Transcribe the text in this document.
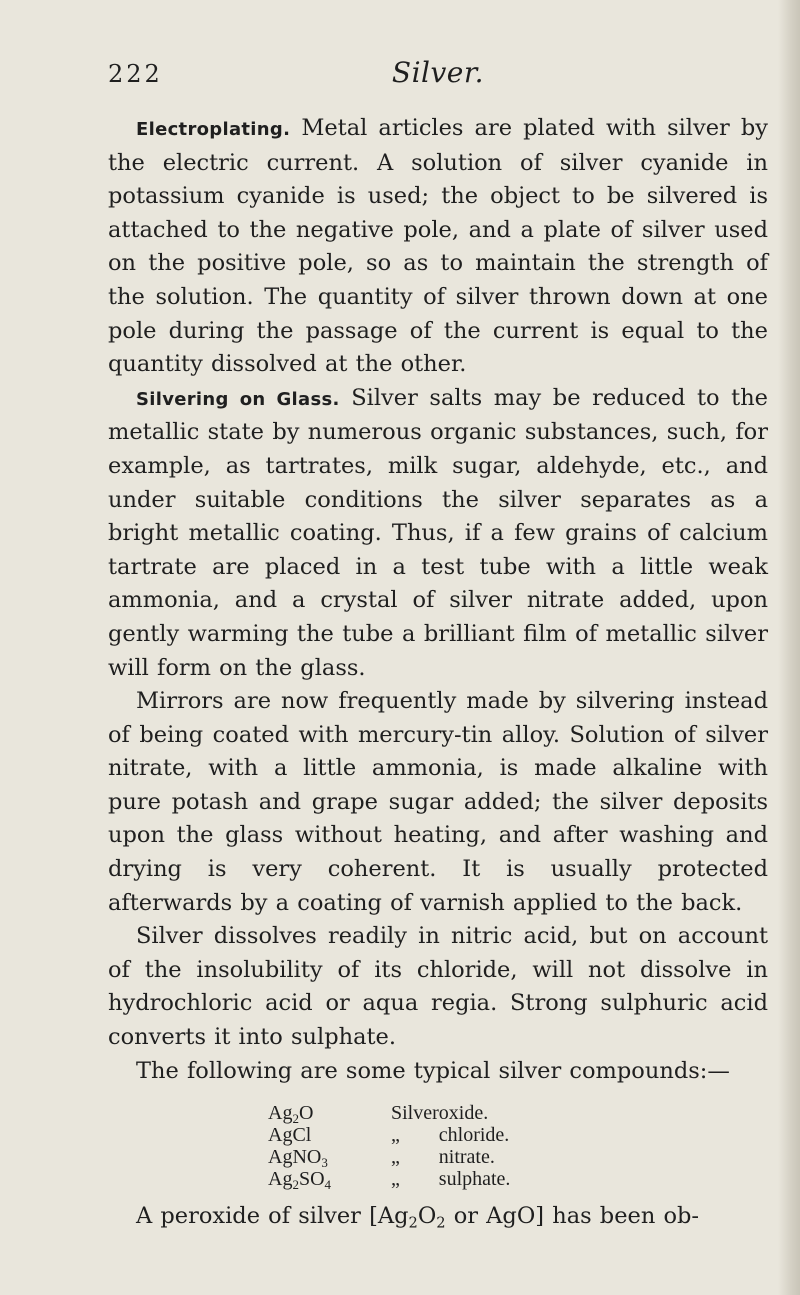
222	Silver.

Electroplating. Metal articles are plated with silver by the electric current. A solution of silver cyanide in potassium cyanide is used; the object to be silvered is attached to the negative pole, and a plate of silver used on the positive pole, so as to maintain the strength of the solution. The quantity of silver thrown down at one pole during the passage of the current is equal to the quantity dissolved at the other.

Silvering on Glass. Silver salts may be reduced to the metallic state by numerous organic substances, such, for example, as tartrates, milk sugar, aldehyde, etc., and under suitable conditions the silver separates as a bright metallic coating. Thus, if a few grains of calcium tartrate are placed in a test tube with a little weak ammonia, and a crystal of silver nitrate added, upon gently warming the tube a brilliant film of metallic silver will form on the glass.

Mirrors are now frequently made by silvering instead of being coated with mercury-tin alloy. Solution of silver nitrate, with a little ammonia, is made alkaline with pure potash and grape sugar added; the silver deposits upon the glass without heating, and after washing and drying is very coherent. It is usually protected afterwards by a coating of varnish applied to the back.

Silver dissolves readily in nitric acid, but on account of the insolubility of its chloride, will not dissolve in hydrochloric acid or aqua regia. Strong sulphuric acid converts it into sulphate.

The following are some typical silver compounds:—

$Ag_2O$	Silver	oxide.
AgCl	„	chloride.
AgNO$_3$	„	nitrate.
$Ag_2SO_4$	„	sulphate.

A peroxide of silver [$Ag_2O_2$ or AgO] has been ob-
